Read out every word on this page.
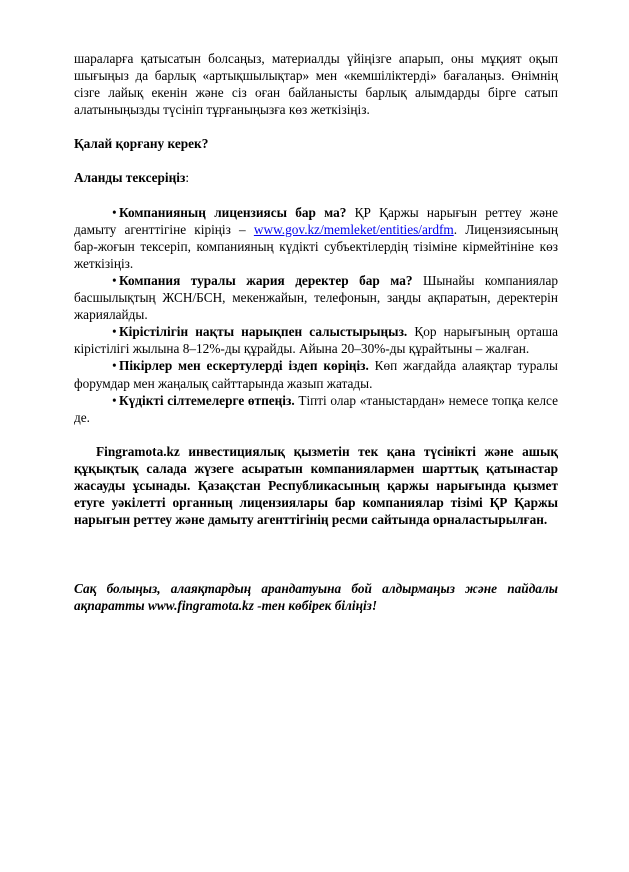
шараларға қатысатын болсаңыз, материалды үйіңізге апарып, оны мұқият оқып шығыңыз да барлық «артықшылықтар» мен «кемшіліктерді» бағалаңыз. Өнімнің сізге лайық екенін және сіз оған байланысты барлық алымдарды бірге сатып алатыныңызды түсініп тұрғаныңызға көз жеткізіңіз.

Қалай қорғану керек?

Аланды тексеріңіз:

• Компанияның лицензиясы бар ма? ҚР Қаржы нарығын реттеу және дамыту агенттігіне кіріңіз – www.gov.kz/memleket/entities/ardfm. Лицензиясының бар-жоғын тексеріп, компанияның күдікті субъектілердің тізіміне кірмейтініне көз жеткізіңіз.
• Компания туралы жария деректер бар ма? Шынайы компаниялар басшылықтың ЖСН/БСН, мекенжайын, телефонын, заңды ақпаратын, деректерін жариялайды.
• Кірістілігін нақты нарықпен салыстырыңыз. Қор нарығының орташа кірістілігі жылына 8–12%-ды құрайды. Айына 20–30%-ды құрайтыны – жалған.
• Пікірлер мен ескертулерді іздеп көріңіз. Көп жағдайда алаяқтар туралы форумдар мен жаңалық сайттарында жазып жатады.
• Күдікті сілтемелерге өтпеңіз. Тіпті олар «таныстардан» немесе топқа келсе де.

Fingramota.kz инвестициялық қызметін тек қана түсінікті және ашық құқықтық салада жүзеге асыратын компаниялармен шарттық қатынастар жасауды ұсынады. Қазақстан Республикасының қаржы нарығында қызмет етуге уәкілетті органның лицензиялары бар компаниялар тізімі ҚР Қаржы нарығын реттеу және дамыту агенттігінің ресми сайтында орналастырылған.

Сақ болыңыз, алаяқтардың арандатуына бой алдырмаңыз және пайдалы ақпаратты www.fingramota.kz -тен көбірек біліңіз!
